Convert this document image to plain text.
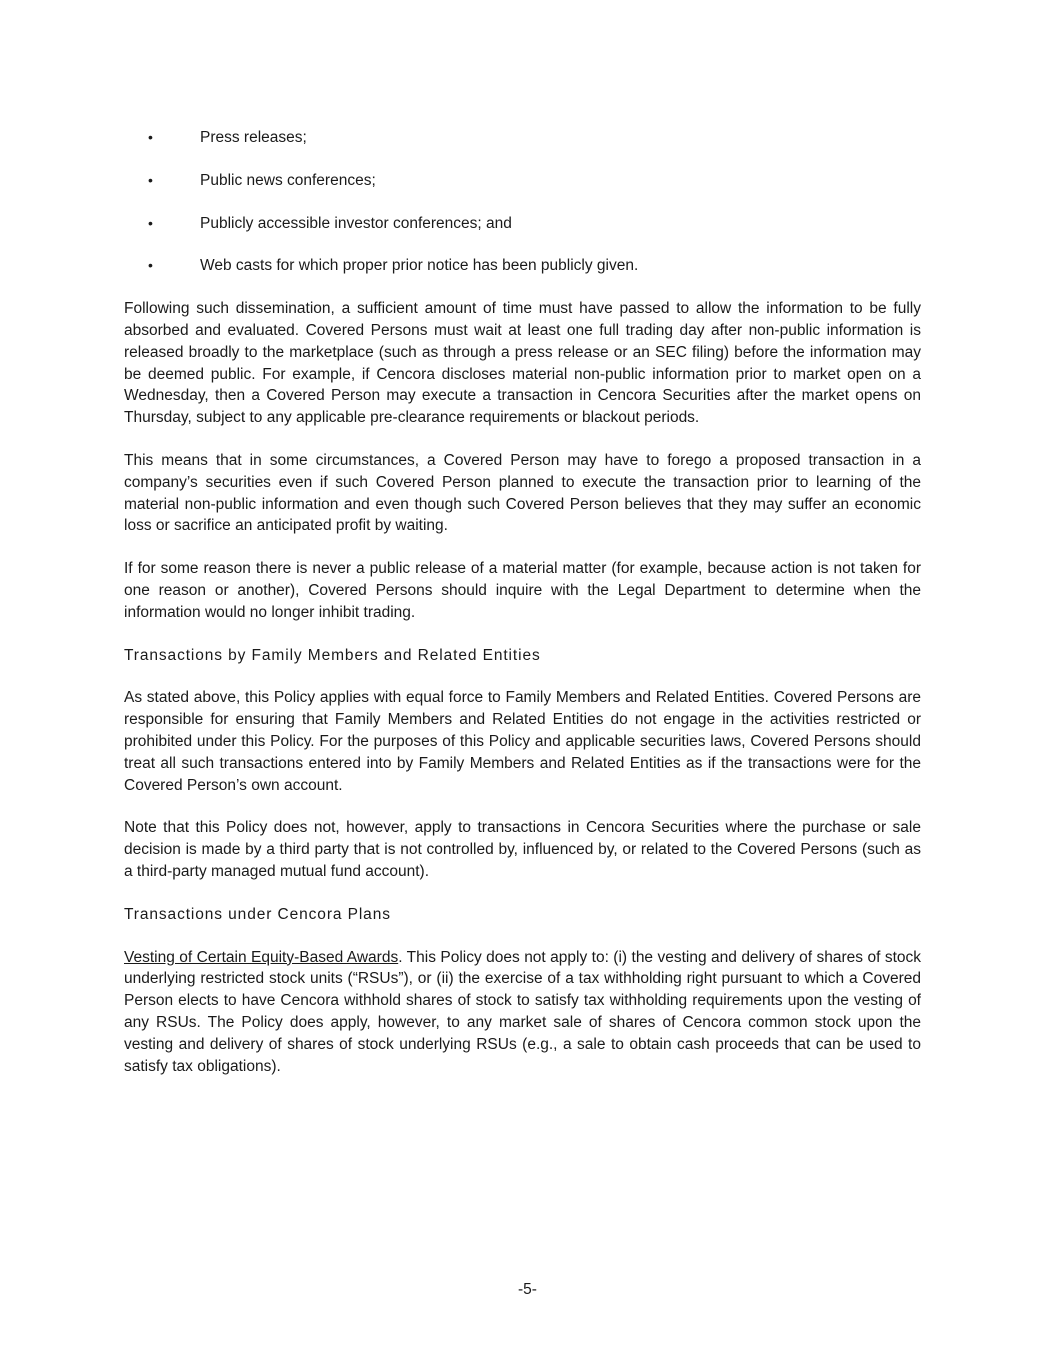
•	Press releases;
•	Public news conferences;
•	Publicly accessible investor conferences; and
•	Web casts for which proper prior notice has been publicly given.

Following such dissemination, a sufficient amount of time must have passed to allow the information to be fully absorbed and evaluated. Covered Persons must wait at least one full trading day after non-public information is released broadly to the marketplace (such as through a press release or an SEC filing) before the information may be deemed public. For example, if Cencora discloses material non-public information prior to market open on a Wednesday, then a Covered Person may execute a transaction in Cencora Securities after the market opens on Thursday, subject to any applicable pre-clearance requirements or blackout periods.

This means that in some circumstances, a Covered Person may have to forego a proposed transaction in a company’s securities even if such Covered Person planned to execute the transaction prior to learning of the material non-public information and even though such Covered Person believes that they may suffer an economic loss or sacrifice an anticipated profit by waiting.

If for some reason there is never a public release of a material matter (for example, because action is not taken for one reason or another), Covered Persons should inquire with the Legal Department to determine when the information would no longer inhibit trading.

Transactions by Family Members and Related Entities

As stated above, this Policy applies with equal force to Family Members and Related Entities. Covered Persons are responsible for ensuring that Family Members and Related Entities do not engage in the activities restricted or prohibited under this Policy. For the purposes of this Policy and applicable securities laws, Covered Persons should treat all such transactions entered into by Family Members and Related Entities as if the transactions were for the Covered Person’s own account.

Note that this Policy does not, however, apply to transactions in Cencora Securities where the purchase or sale decision is made by a third party that is not controlled by, influenced by, or related to the Covered Persons (such as a third-party managed mutual fund account).

Transactions under Cencora Plans

Vesting of Certain Equity-Based Awards. This Policy does not apply to: (i) the vesting and delivery of shares of stock underlying restricted stock units (“RSUs”), or (ii) the exercise of a tax withholding right pursuant to which a Covered Person elects to have Cencora withhold shares of stock to satisfy tax withholding requirements upon the vesting of any RSUs. The Policy does apply, however, to any market sale of shares of Cencora common stock upon the vesting and delivery of shares of stock underlying RSUs (e.g., a sale to obtain cash proceeds that can be used to satisfy tax obligations).

-5-
